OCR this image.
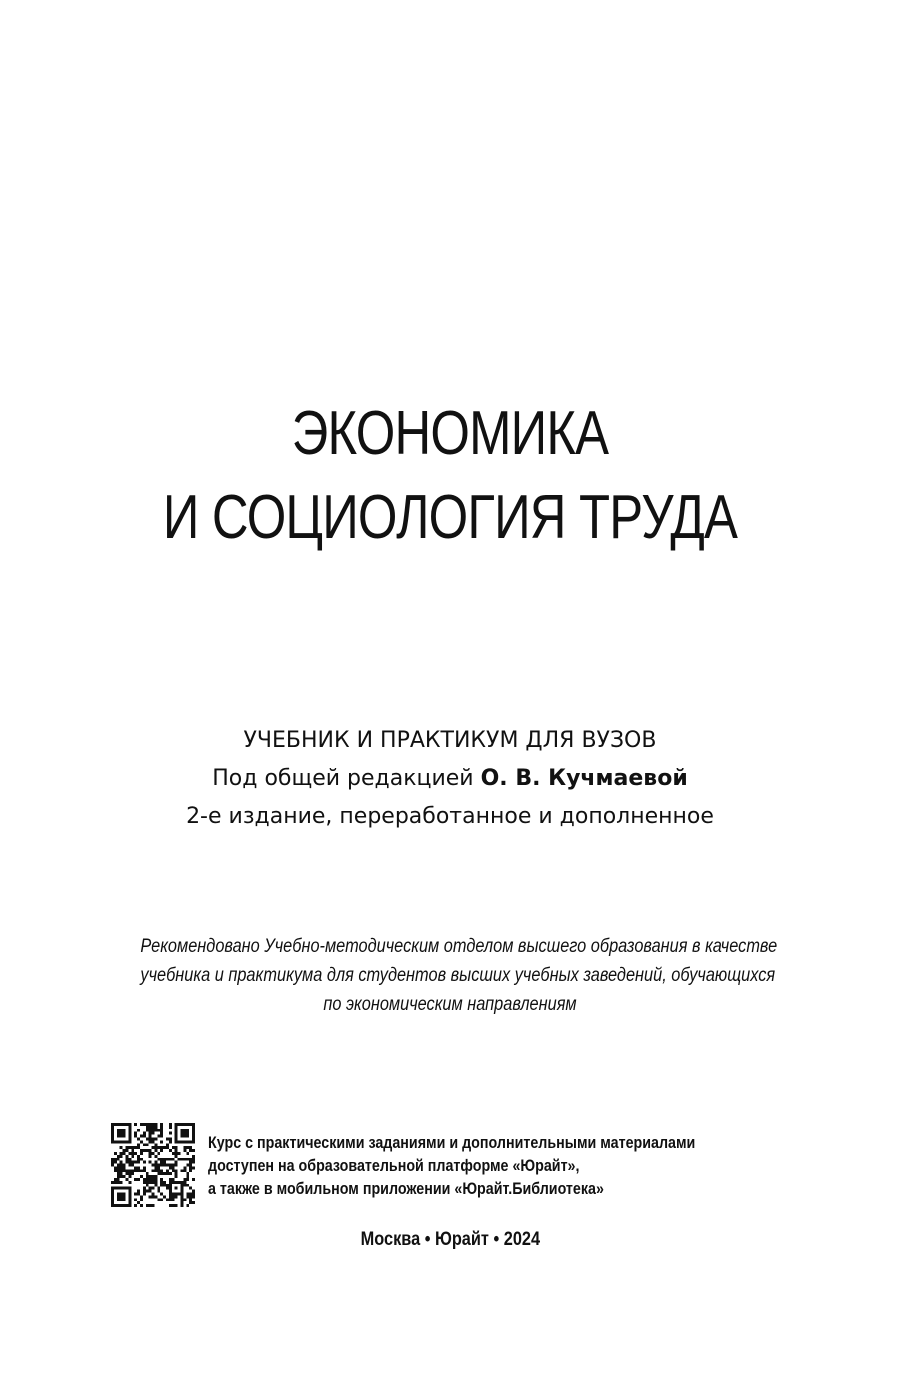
ЭКОНОМИКА
И СОЦИОЛОГИЯ ТРУДА
УЧЕБНИК И ПРАКТИКУМ ДЛЯ ВУЗОВ
Под общей редакцией О. В. Кучмаевой
2-е издание, переработанное и дополненное
Рекомендовано Учебно-методическим отделом высшего образования в качестве
учебника и практикума для студентов высших учебных заведений, обучающихся
по экономическим направлениям
Курс с практическими заданиями и дополнительными материалами
доступен на образовательной платформе «Юрайт»,
а также в мобильном приложении «Юрайт.Библиотека»
Москва • Юрайт • 2024
